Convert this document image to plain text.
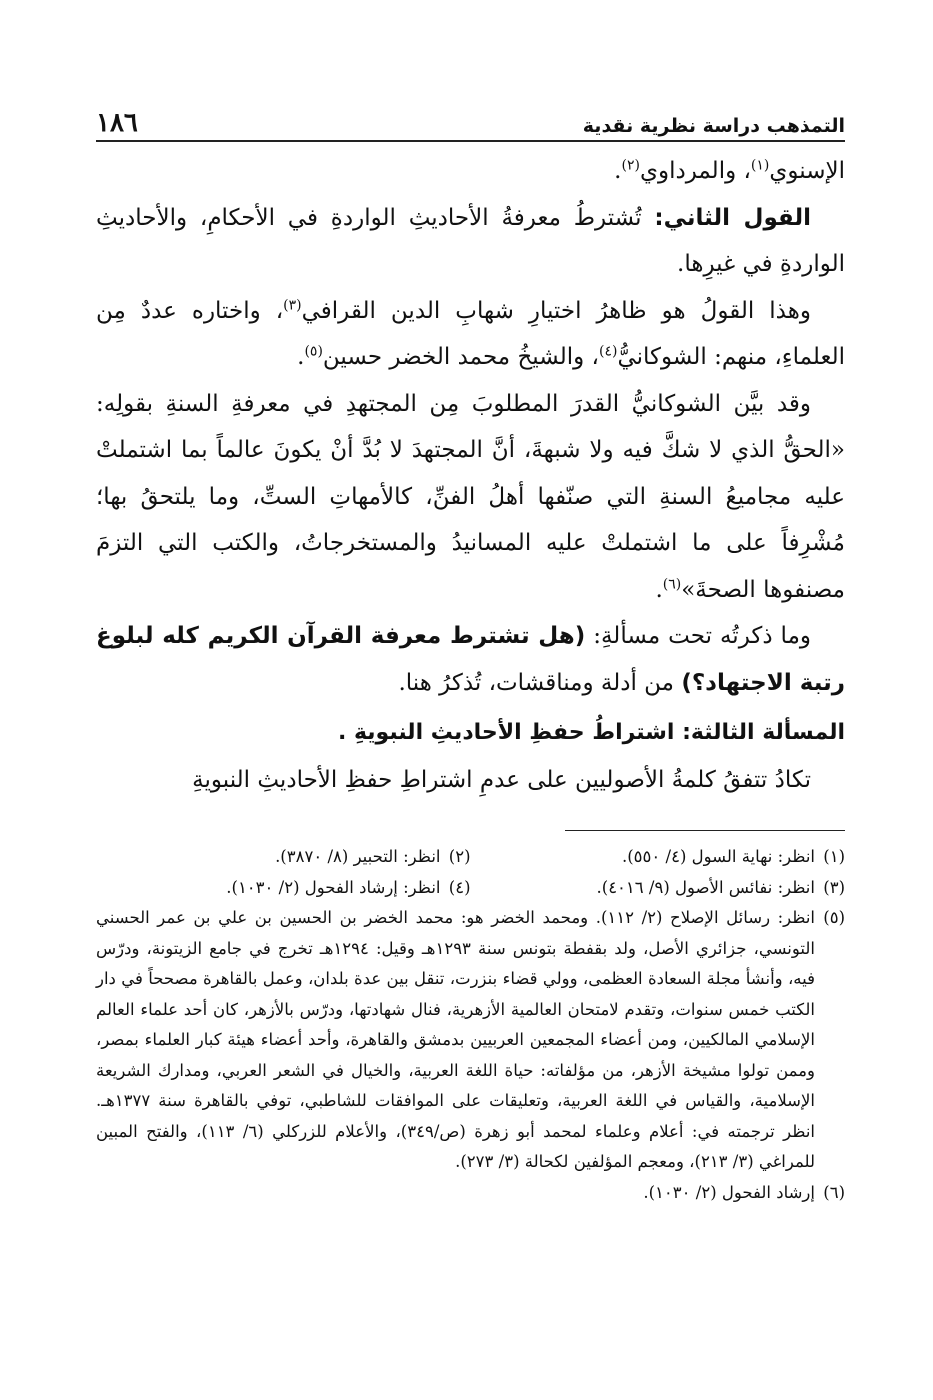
التمذهب دراسة نظرية نقدية
١٨٦

الإسنوي$^{(١)}$، والمرداوي$^{(٢)}$.

القول الثاني: تُشترطُ معرفةُ الأحاديثِ الواردةِ في الأحكامِ، والأحاديثِ الواردةِ في غيرِها.

وهذا القولُ هو ظاهرُ اختيارِ شهابِ الدين القرافي$^{(٣)}$، واختاره عددٌ مِن العلماءِ، منهم: الشوكانيُّ$^{(٤)}$، والشيخُ محمد الخضر حسين$^{(٥)}$.

وقد بيَّن الشوكانيُّ القدرَ المطلوبَ مِن المجتهدِ في معرفةِ السنةِ بقولِه: «الحقُّ الذي لا شكَّ فيه ولا شبهةَ، أنَّ المجتهدَ لا بُدَّ أنْ يكونَ عالماً بما اشتملتْ عليه مجاميعُ السنةِ التي صنّفها أهلُ الفنِّ، كالأمهاتِ الستِّ، وما يلتحقُ بها؛ مُشْرِفاً على ما اشتملتْ عليه المسانيدُ والمستخرجاتُ، والكتب التي التزمَ مصنفوها الصحةَ»$^{(٦)}$.

وما ذكرتُه تحت مسألةِ: (هل تشترط معرفة القرآن الكريم كله لبلوغ رتبة الاجتهاد؟) من أدلة ومناقشات، تُذكرُ هنا.

المسألة الثالثة: اشتراطُ حفظِ الأحاديثِ النبويةِ .

تكادُ تتفقُ كلمةُ الأصوليين على عدمِ اشتراطِ حفظِ الأحاديثِ النبويةِ

(١)
انظر: نهاية السول (٤/ ٥٥٠).
(٢)
انظر: التحبير (٨/ ٣٨٧٠).
(٣)
انظر: نفائس الأصول (٩/ ٤٠١٦).
(٤)
انظر: إرشاد الفحول (٢/ ١٠٣٠).
(٥)
انظر: رسائل الإصلاح (٢/ ١١٢). ومحمد الخضر هو: محمد الخضر بن الحسين بن علي بن عمر الحسني التونسي، جزائري الأصل، ولد بقفطة بتونس سنة ١٢٩٣هـ وقيل: ١٢٩٤هـ تخرج في جامع الزيتونة، ودرّس فيه، وأنشأ مجلة السعادة العظمى، وولي قضاء بنزرت، تنقل بين عدة بلدان، وعمل بالقاهرة مصححاً في دار الكتب خمس سنوات، وتقدم لامتحان العالمية الأزهرية، فنال شهادتها، ودرّس بالأزهر، كان أحد علماء العالم الإسلامي المالكيين، ومن أعضاء المجمعين العربيين بدمشق والقاهرة، وأحد أعضاء هيئة كبار العلماء بمصر، وممن تولوا مشيخة الأزهر، من مؤلفاته: حياة اللغة العربية، والخيال في الشعر العربي، ومدارك الشريعة الإسلامية، والقياس في اللغة العربية، وتعليقات على الموافقات للشاطبي، توفي بالقاهرة سنة ١٣٧٧هـ. انظر ترجمته في: أعلام وعلماء لمحمد أبو زهرة (ص/٣٤٩)، والأعلام للزركلي (٦/ ١١٣)، والفتح المبين للمراغي (٣/ ٢١٣)، ومعجم المؤلفين لكحالة (٣/ ٢٧٣).
(٦)
إرشاد الفحول (٢/ ١٠٣٠).
